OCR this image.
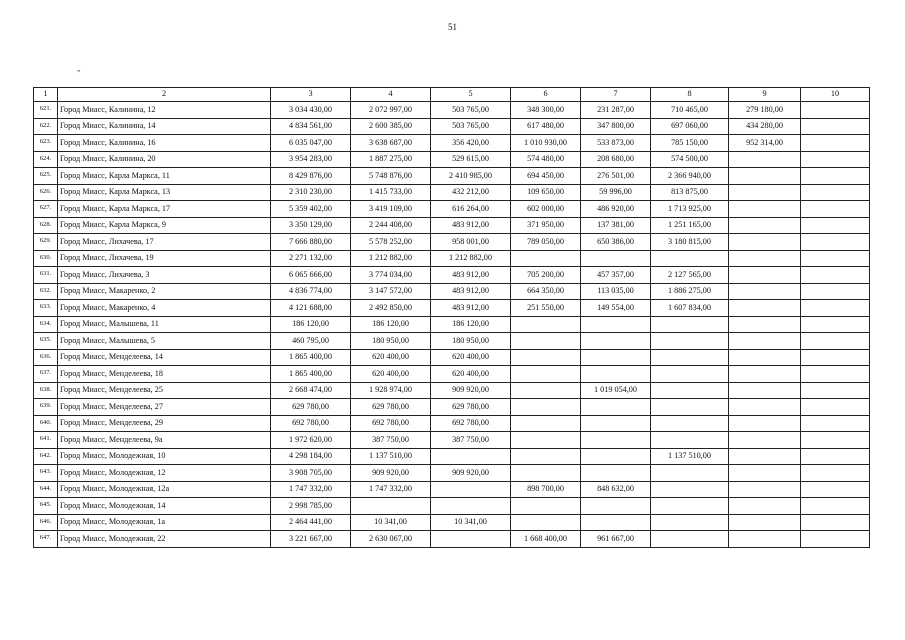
51
„
1	2	3	4	5	6	7	8	9	10
621.	Город Миасс, Калинина, 12	3 034 430,00	2 072 997,00	503 765,00	348 300,00	231 287,00	710 465,00	279 180,00	
622.	Город Миасс, Калинина, 14	4 834 561,00	2 600 385,00	503 765,00	617 480,00	347 800,00	697 060,00	434 280,00	
623.	Город Миасс, Калинина, 16	6 035 047,00	3 638 687,00	356 420,00	1 010 930,00	533 873,00	785 150,00	952 314,00	
624.	Город Миасс, Калинина, 20	3 954 283,00	1 887 275,00	529 615,00	574 480,00	208 680,00	574 500,00		
625.	Город Миасс, Карла Маркса, 11	8 429 876,00	5 748 876,00	2 410 985,00	694 450,00	276 501,00	2 366 940,00		
626.	Город Миасс, Карла Маркса, 13	2 310 230,00	1 415 733,00	432 212,00	109 650,00	59 996,00	813 875,00		
627.	Город Миасс, Карла Маркса, 17	5 359 402,00	3 419 109,00	616 264,00	602 000,00	486 920,00	1 713 925,00		
628.	Город Миасс, Карла Маркса, 9	3 350 129,00	2 244 408,00	483 912,00	371 950,00	137 381,00	1 251 165,00		
629.	Город Миасс, Лихачева, 17	7 666 880,00	5 578 252,00	958 001,00	789 050,00	650 386,00	3 180 815,00		
630.	Город Миасс, Лихачева, 19	2 271 132,00	1 212 882,00	1 212 882,00					
631.	Город Миасс, Лихачева, 3	6 065 666,00	3 774 034,00	483 912,00	705 200,00	457 357,00	2 127 565,00		
632.	Город Миасс, Макаренко, 2	4 836 774,00	3 147 572,00	483 912,00	664 350,00	113 035,00	1 886 275,00		
633.	Город Миасс, Макаренко, 4	4 121 688,00	2 492 850,00	483 912,00	251 550,00	149 554,00	1 607 834,00		
634.	Город Миасс, Малышева, 11	186 120,00	186 120,00	186 120,00					
635.	Город Миасс, Малышева, 5	460 795,00	180 950,00	180 950,00					
636.	Город Миасс, Менделеева, 14	1 865 400,00	620 400,00	620 400,00					
637.	Город Миасс, Менделеева, 18	1 865 400,00	620 400,00	620 400,00					
638.	Город Миасс, Менделеева, 25	2 668 474,00	1 928 974,00	909 920,00		1 019 054,00			
639.	Город Миасс, Менделеева, 27	629 780,00	629 780,00	629 780,00					
640.	Город Миасс, Менделеева, 29	692 780,00	692 780,00	692 780,00					
641.	Город Миасс, Менделеева, 9а	1 972 620,00	387 750,00	387 750,00					
642.	Город Миасс, Молодежная, 10	4 298 184,00	1 137 510,00				1 137 510,00		
643.	Город Миасс, Молодежная, 12	3 908 705,00	909 920,00	909 920,00					
644.	Город Миасс, Молодежная, 12а	1 747 332,00	1 747 332,00		898 700,00	848 632,00			
645.	Город Миасс, Молодежная, 14	2 998 785,00							
646.	Город Миасс, Молодежная, 1а	2 464 441,00	10 341,00	10 341,00					
647.	Город Миасс, Молодежная, 22	3 221 667,00	2 630 067,00		1 668 400,00	961 667,00			
